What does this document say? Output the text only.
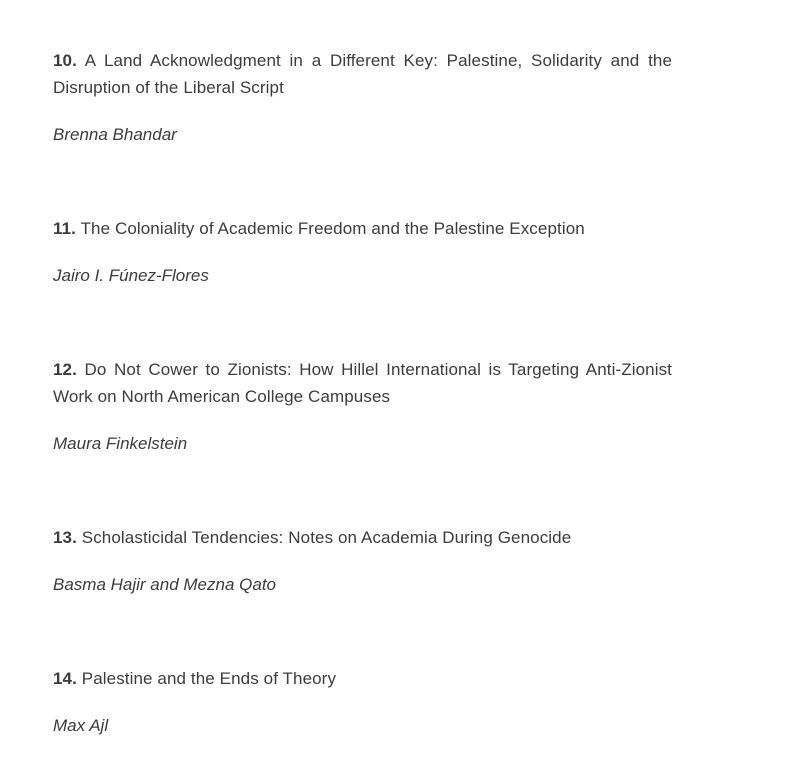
10. A Land Acknowledgment in a Different Key: Palestine, Solidarity and the Disruption of the Liberal Script

Brenna Bhandar

11. The Coloniality of Academic Freedom and the Palestine Exception

Jairo I. Fúnez-Flores

12. Do Not Cower to Zionists: How Hillel International is Targeting Anti-Zionist Work on North American College Campuses

Maura Finkelstein

13. Scholasticidal Tendencies: Notes on Academia During Genocide

Basma Hajir and Mezna Qato

14. Palestine and the Ends of Theory

Max Ajl
